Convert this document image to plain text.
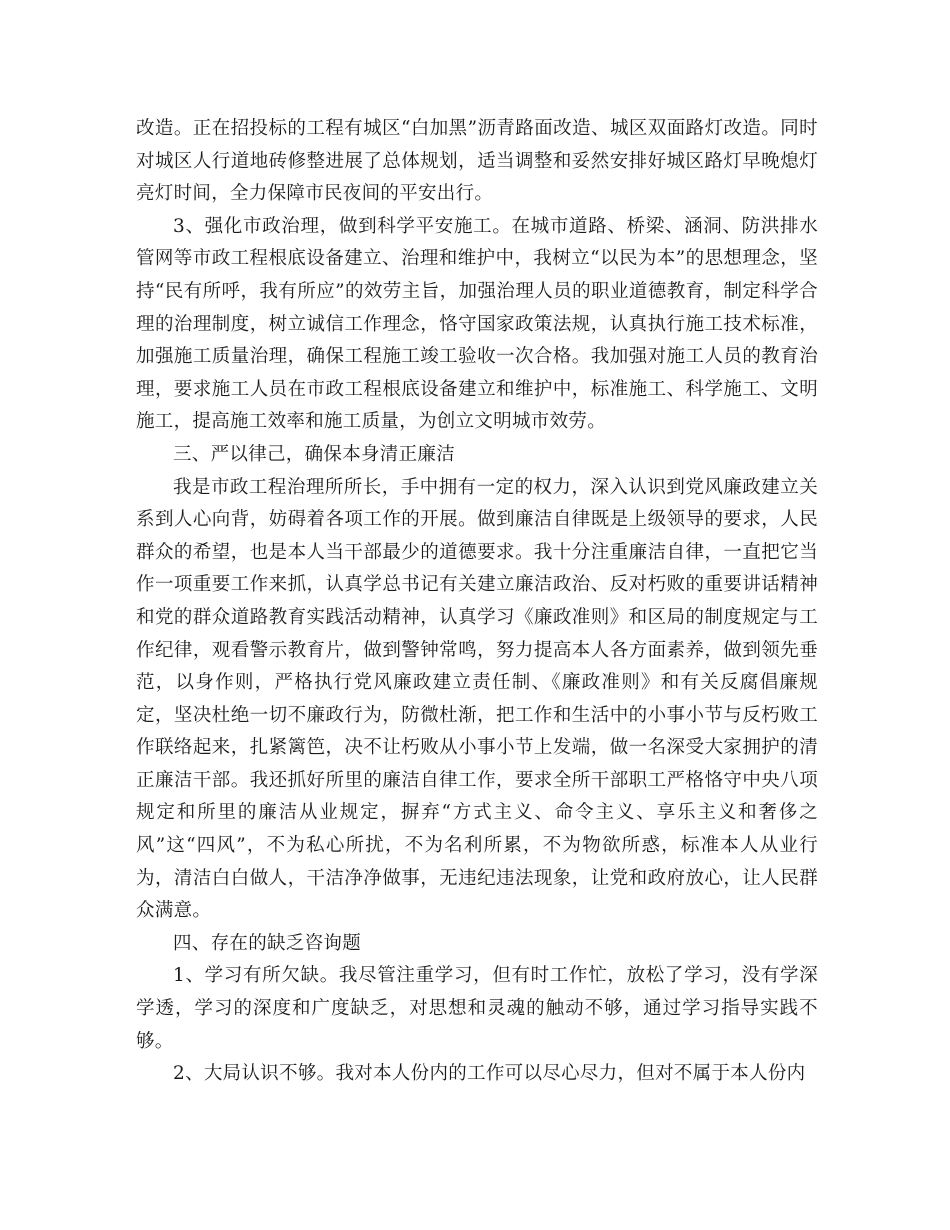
改造。正在招投标的工程有城区“白加黑”沥青路面改造、城区双面路灯改造。同时对城区人行道地砖修整进展了总体规划，适当调整和妥然安排好城区路灯早晚熄灯亮灯时间，全力保障市民夜间的平安出行。

3、强化市政治理，做到科学平安施工。在城市道路、桥梁、涵洞、防洪排水管网等市政工程根底设备建立、治理和维护中，我树立“以民为本”的思想理念，坚持“民有所呼，我有所应”的效劳主旨，加强治理人员的职业道德教育，制定科学合理的治理制度，树立诚信工作理念，恪守国家政策法规，认真执行施工技术标准，加强施工质量治理，确保工程施工竣工验收一次合格。我加强对施工人员的教育治理，要求施工人员在市政工程根底设备建立和维护中，标准施工、科学施工、文明施工，提高施工效率和施工质量，为创立文明城市效劳。

三、严以律己，确保本身清正廉洁

我是市政工程治理所所长，手中拥有一定的权力，深入认识到党风廉政建立关系到人心向背，妨碍着各项工作的开展。做到廉洁自律既是上级领导的要求，人民群众的希望，也是本人当干部最少的道德要求。我十分注重廉洁自律，一直把它当作一项重要工作来抓，认真学总书记有关建立廉洁政治、反对朽败的重要讲话精神和党的群众道路教育实践活动精神，认真学习《廉政准则》和区局的制度规定与工作纪律，观看警示教育片，做到警钟常鸣，努力提高本人各方面素养，做到领先垂范，以身作则，严格执行党风廉政建立责任制、《廉政准则》和有关反腐倡廉规定，坚决杜绝一切不廉政行为，防微杜渐，把工作和生活中的小事小节与反朽败工作联络起来，扎紧篱笆，决不让朽败从小事小节上发端，做一名深受大家拥护的清正廉洁干部。我还抓好所里的廉洁自律工作，要求全所干部职工严格恪守中央八项规定和所里的廉洁从业规定，摒弃“方式主义、命令主义、享乐主义和奢侈之风”这“四风”，不为私心所扰，不为名利所累，不为物欲所惑，标准本人从业行为，清洁白白做人，干洁净净做事，无违纪违法现象，让党和政府放心，让人民群众满意。

四、存在的缺乏咨询题

1、学习有所欠缺。我尽管注重学习，但有时工作忙，放松了学习，没有学深学透，学习的深度和广度缺乏，对思想和灵魂的触动不够，通过学习指导实践不够。

2、大局认识不够。我对本人份内的工作可以尽心尽力，但对不属于本人份内
